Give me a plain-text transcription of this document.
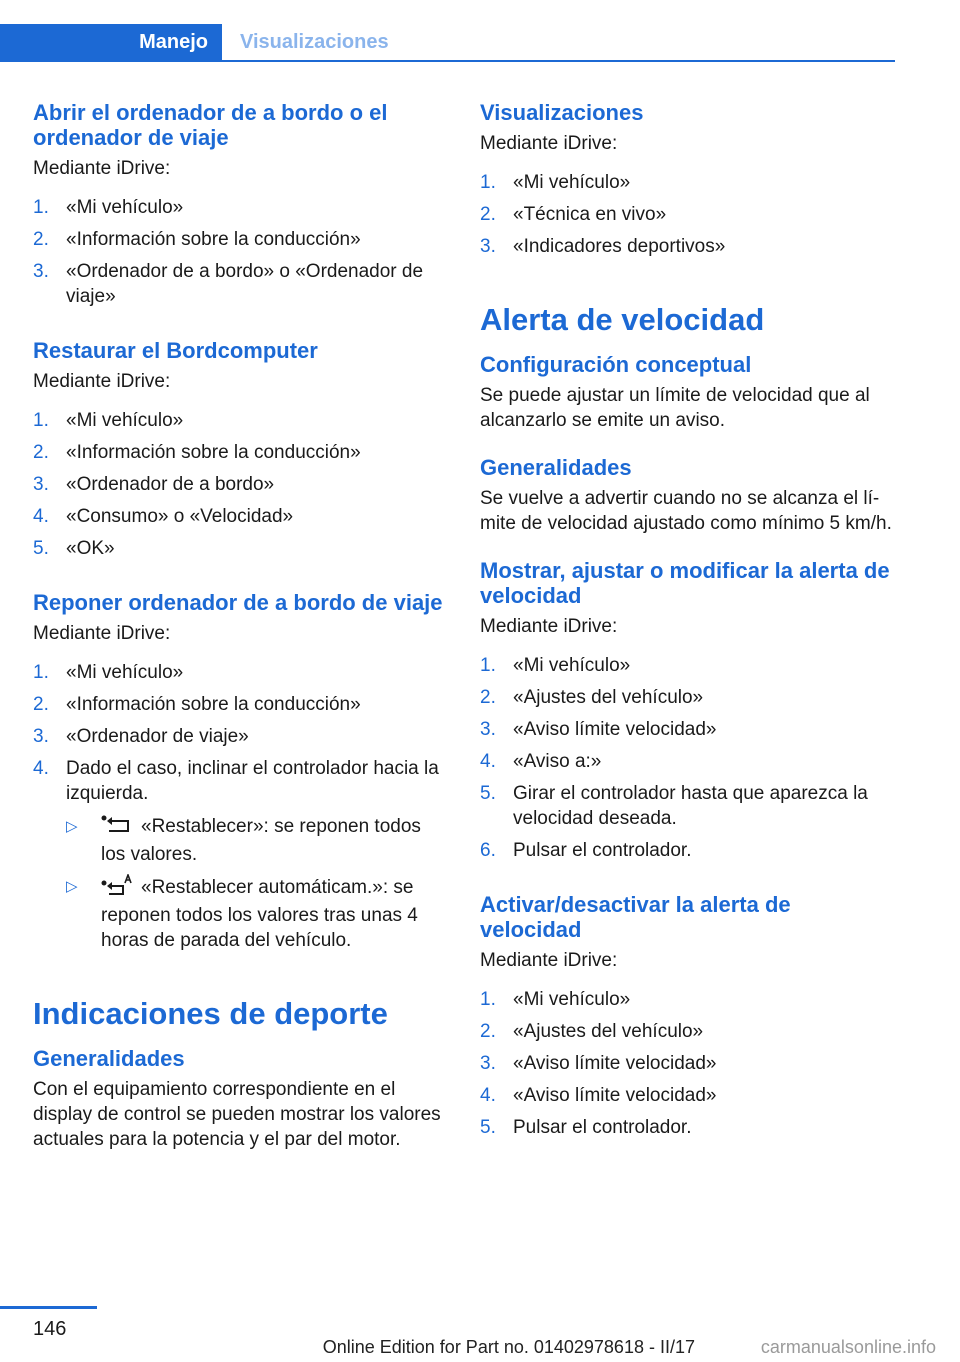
Manejo	Visualizaciones
Abrir el ordenador de a bordo o el ordenador de viaje

Mediante iDrive:

1. «Mi vehículo»
2. «Información sobre la conducción»
3. «Ordenador de a bordo» o «Ordenador de viaje»
Restaurar el Bordcomputer

Mediante iDrive:

1. «Mi vehículo»
2. «Información sobre la conducción»
3. «Ordenador de a bordo»
4. «Consumo» o «Velocidad»
5. «OK»
Reponer ordenador de a bordo de viaje

Mediante iDrive:

1. «Mi vehículo»
2. «Información sobre la conducción»
3. «Ordenador de viaje»
4. Dado el caso, inclinar el controlador hacia la izquierda.
▷	«Restablecer»: se reponen todos los valores.
▷	«Restablecer automáticam.»: se reponen todos los valores tras unas 4 horas de parada del vehículo.
Indicaciones de deporte
Generalidades

Con el equipamiento correspondiente en el display de control se pueden mostrar los valores actuales para la potencia y el par del motor.

Visualizaciones

Mediante iDrive:

1. «Mi vehículo»
2. «Técnica en vivo»
3. «Indicadores deportivos»
Alerta de velocidad
Configuración conceptual

Se puede ajustar un límite de velocidad que al alcanzarlo se emite un aviso.

Generalidades

Se vuelve a advertir cuando no se alcanza el límite de velocidad ajustado como mínimo 5 km/h.

Mostrar, ajustar o modificar la alerta de velocidad

Mediante iDrive:

1. «Mi vehículo»
2. «Ajustes del vehículo»
3. «Aviso límite velocidad»
4. «Aviso a:»
5. Girar el controlador hasta que aparezca la velocidad deseada.
6. Pulsar el controlador.
Activar/desactivar la alerta de velocidad

Mediante iDrive:

1. «Mi vehículo»
2. «Ajustes del vehículo»
3. «Aviso límite velocidad»
4. «Aviso límite velocidad»
5. Pulsar el controlador.
146
Online Edition for Part no. 01402978618 - II/17	carmanualsonline.info
